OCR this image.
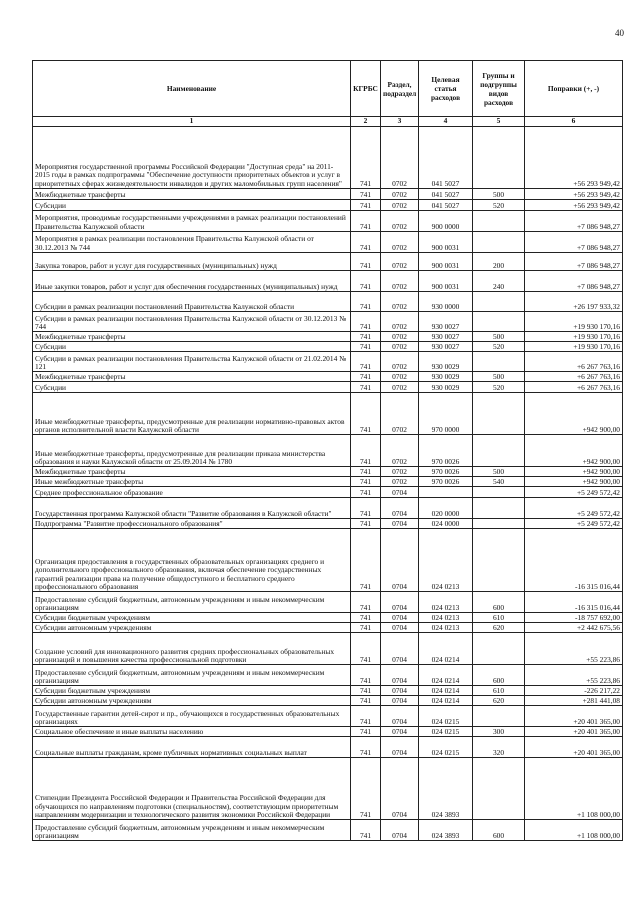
40
Наименование	КГРБС	Раздел, подраздел	Целевая статья расходов	Группы и подгруппы видов расходов	Поправки (+, -)
1	2	3	4	5	6
Мероприятия государственной программы Российской Федерации "Доступная среда" на 2011-2015 годы в рамках подпрограммы "Обеспечение доступности приоритетных объектов и услуг в приоритетных сферах жизнедеятельности инвалидов и других маломобильных групп населения"	741	0702	041 5027		+56 293 949,42
Межбюджетные трансферты	741	0702	041 5027	500	+56 293 949,42
Субсидии	741	0702	041 5027	520	+56 293 949,42
Мероприятия, проводимые государственными учреждениями в рамках реализации постановлений Правительства Калужской области	741	0702	900 0000		+7 086 948,27
Мероприятия в рамках реализации постановления Правительства Калужской области от 30.12.2013 № 744	741	0702	900 0031		+7 086 948,27
Закупка товаров, работ и услуг для государственных (муниципальных) нужд	741	0702	900 0031	200	+7 086 948,27
Иные закупки товаров, работ и услуг для обеспечения государственных (муниципальных) нужд	741	0702	900 0031	240	+7 086 948,27
Субсидии в рамках реализации постановлений Правительства Калужской области	741	0702	930 0000		+26 197 933,32
Субсидии в рамках реализации постановления Правительства Калужской области от 30.12.2013 № 744	741	0702	930 0027		+19 930 170,16
Межбюджетные трансферты	741	0702	930 0027	500	+19 930 170,16
Субсидии	741	0702	930 0027	520	+19 930 170,16
Субсидии в рамках реализации постановления Правительства Калужской области от 21.02.2014 № 121	741	0702	930 0029		+6 267 763,16
Межбюджетные трансферты	741	0702	930 0029	500	+6 267 763,16
Субсидии	741	0702	930 0029	520	+6 267 763,16
Иные межбюджетные трансферты, предусмотренные для реализации нормативно-правовых актов органов исполнительной власти Калужской области	741	0702	970 0000		+942 900,00
Иные межбюджетные трансферты, предусмотренные для реализации приказа министерства образования и науки Калужской области от 25.09.2014 № 1780	741	0702	970 0026		+942 900,00
Межбюджетные трансферты	741	0702	970 0026	500	+942 900,00
Иные межбюджетные трансферты	741	0702	970 0026	540	+942 900,00
Среднее профессиональное образование	741	0704			+5 249 572,42
Государственная программа Калужской области "Развитие образования в Калужской области"	741	0704	020 0000		+5 249 572,42
Подпрограмма "Развитие профессионального образования"	741	0704	024 0000		+5 249 572,42
Организация предоставления в государственных образовательных организациях среднего и дополнительного профессионального образования, включая обеспечение государственных гарантий реализации права на получение общедоступного и бесплатного среднего профессионального образования	741	0704	024 0213		-16 315 016,44
Предоставление субсидий бюджетным, автономным учреждениям и иным некоммерческим организациям	741	0704	024 0213	600	-16 315 016,44
Субсидии бюджетным учреждениям	741	0704	024 0213	610	-18 757 692,00
Субсидии автономным учреждениям	741	0704	024 0213	620	+2 442 675,56
Создание условий для инновационного развития средних профессиональных образовательных организаций и повышения качества профессиональной подготовки	741	0704	024 0214		+55 223,86
Предоставление субсидий бюджетным, автономным учреждениям и иным некоммерческим организациям	741	0704	024 0214	600	+55 223,86
Субсидии бюджетным учреждениям	741	0704	024 0214	610	-226 217,22
Субсидии автономным учреждениям	741	0704	024 0214	620	+281 441,08
Государственные гарантии детей-сирот и пр., обучающихся в государственных образовательных организациях	741	0704	024 0215		+20 401 365,00
Социальное обеспечение и иные выплаты населению	741	0704	024 0215	300	+20 401 365,00
Социальные выплаты гражданам, кроме публичных нормативных социальных выплат	741	0704	024 0215	320	+20 401 365,00
Стипендии Президента Российской Федерации и Правительства Российской Федерации для обучающихся по направлениям подготовки (специальностям), соответствующим приоритетным направлениям модернизации и технологического развития экономики Российской Федерации	741	0704	024 3893		+1 108 000,00
Предоставление субсидий бюджетным, автономным учреждениям и иным некоммерческим организациям	741	0704	024 3893	600	+1 108 000,00
